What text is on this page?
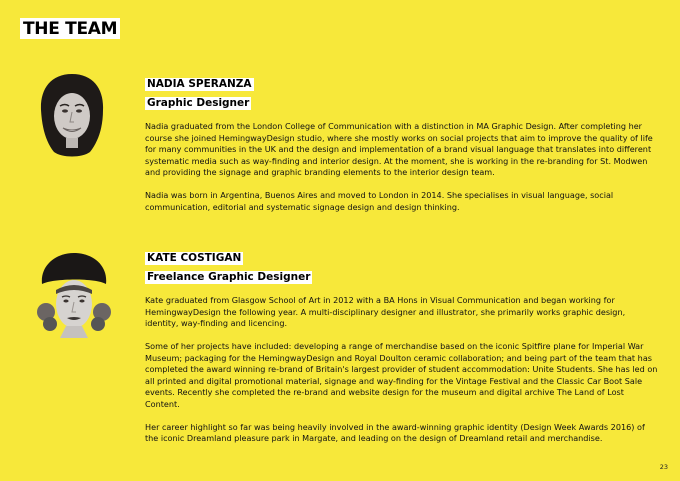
THE TEAM
NADIA SPERANZA
Graphic Designer

Nadia graduated from the London College of Communication with a distinction in MA Graphic Design. After completing her course she joined HemingwayDesign studio, where she mostly works on social projects that aim to improve the quality of life for many communities in the UK and the design and implementation of a brand visual language that translates into different systematic media such as way-finding and interior design. At the moment, she is working in the re-branding for St. Modwen and providing the signage and graphic branding elements to the interior design team.

Nadia was born in Argentina, Buenos Aires and moved to London in 2014. She specialises in visual language, social communication, editorial and systematic signage design and design thinking.

KATE COSTIGAN
Freelance Graphic Designer

Kate graduated from Glasgow School of Art in 2012 with a BA Hons in Visual Communication and began working for HemingwayDesign the following year. A multi-disciplinary designer and illustrator, she primarily works graphic design, identity, way-finding and licencing.

Some of her projects have included: developing a range of merchandise based on the iconic Spitfire plane for Imperial War Museum; packaging for the HemingwayDesign and Royal Doulton ceramic collaboration; and being part of the team that has completed the award winning re-brand of Britain's largest provider of student accommodation: Unite Students. She has led on all printed and digital promotional material, signage and way-finding for the Vintage Festival and the Classic Car Boot Sale events. Recently she completed the re-brand and website design for the museum and digital archive The Land of Lost Content.

Her career highlight so far was being heavily involved in the award-winning graphic identity (Design Week Awards 2016) of the iconic Dreamland pleasure park in Margate, and leading on the design of Dreamland retail and merchandise.

23
